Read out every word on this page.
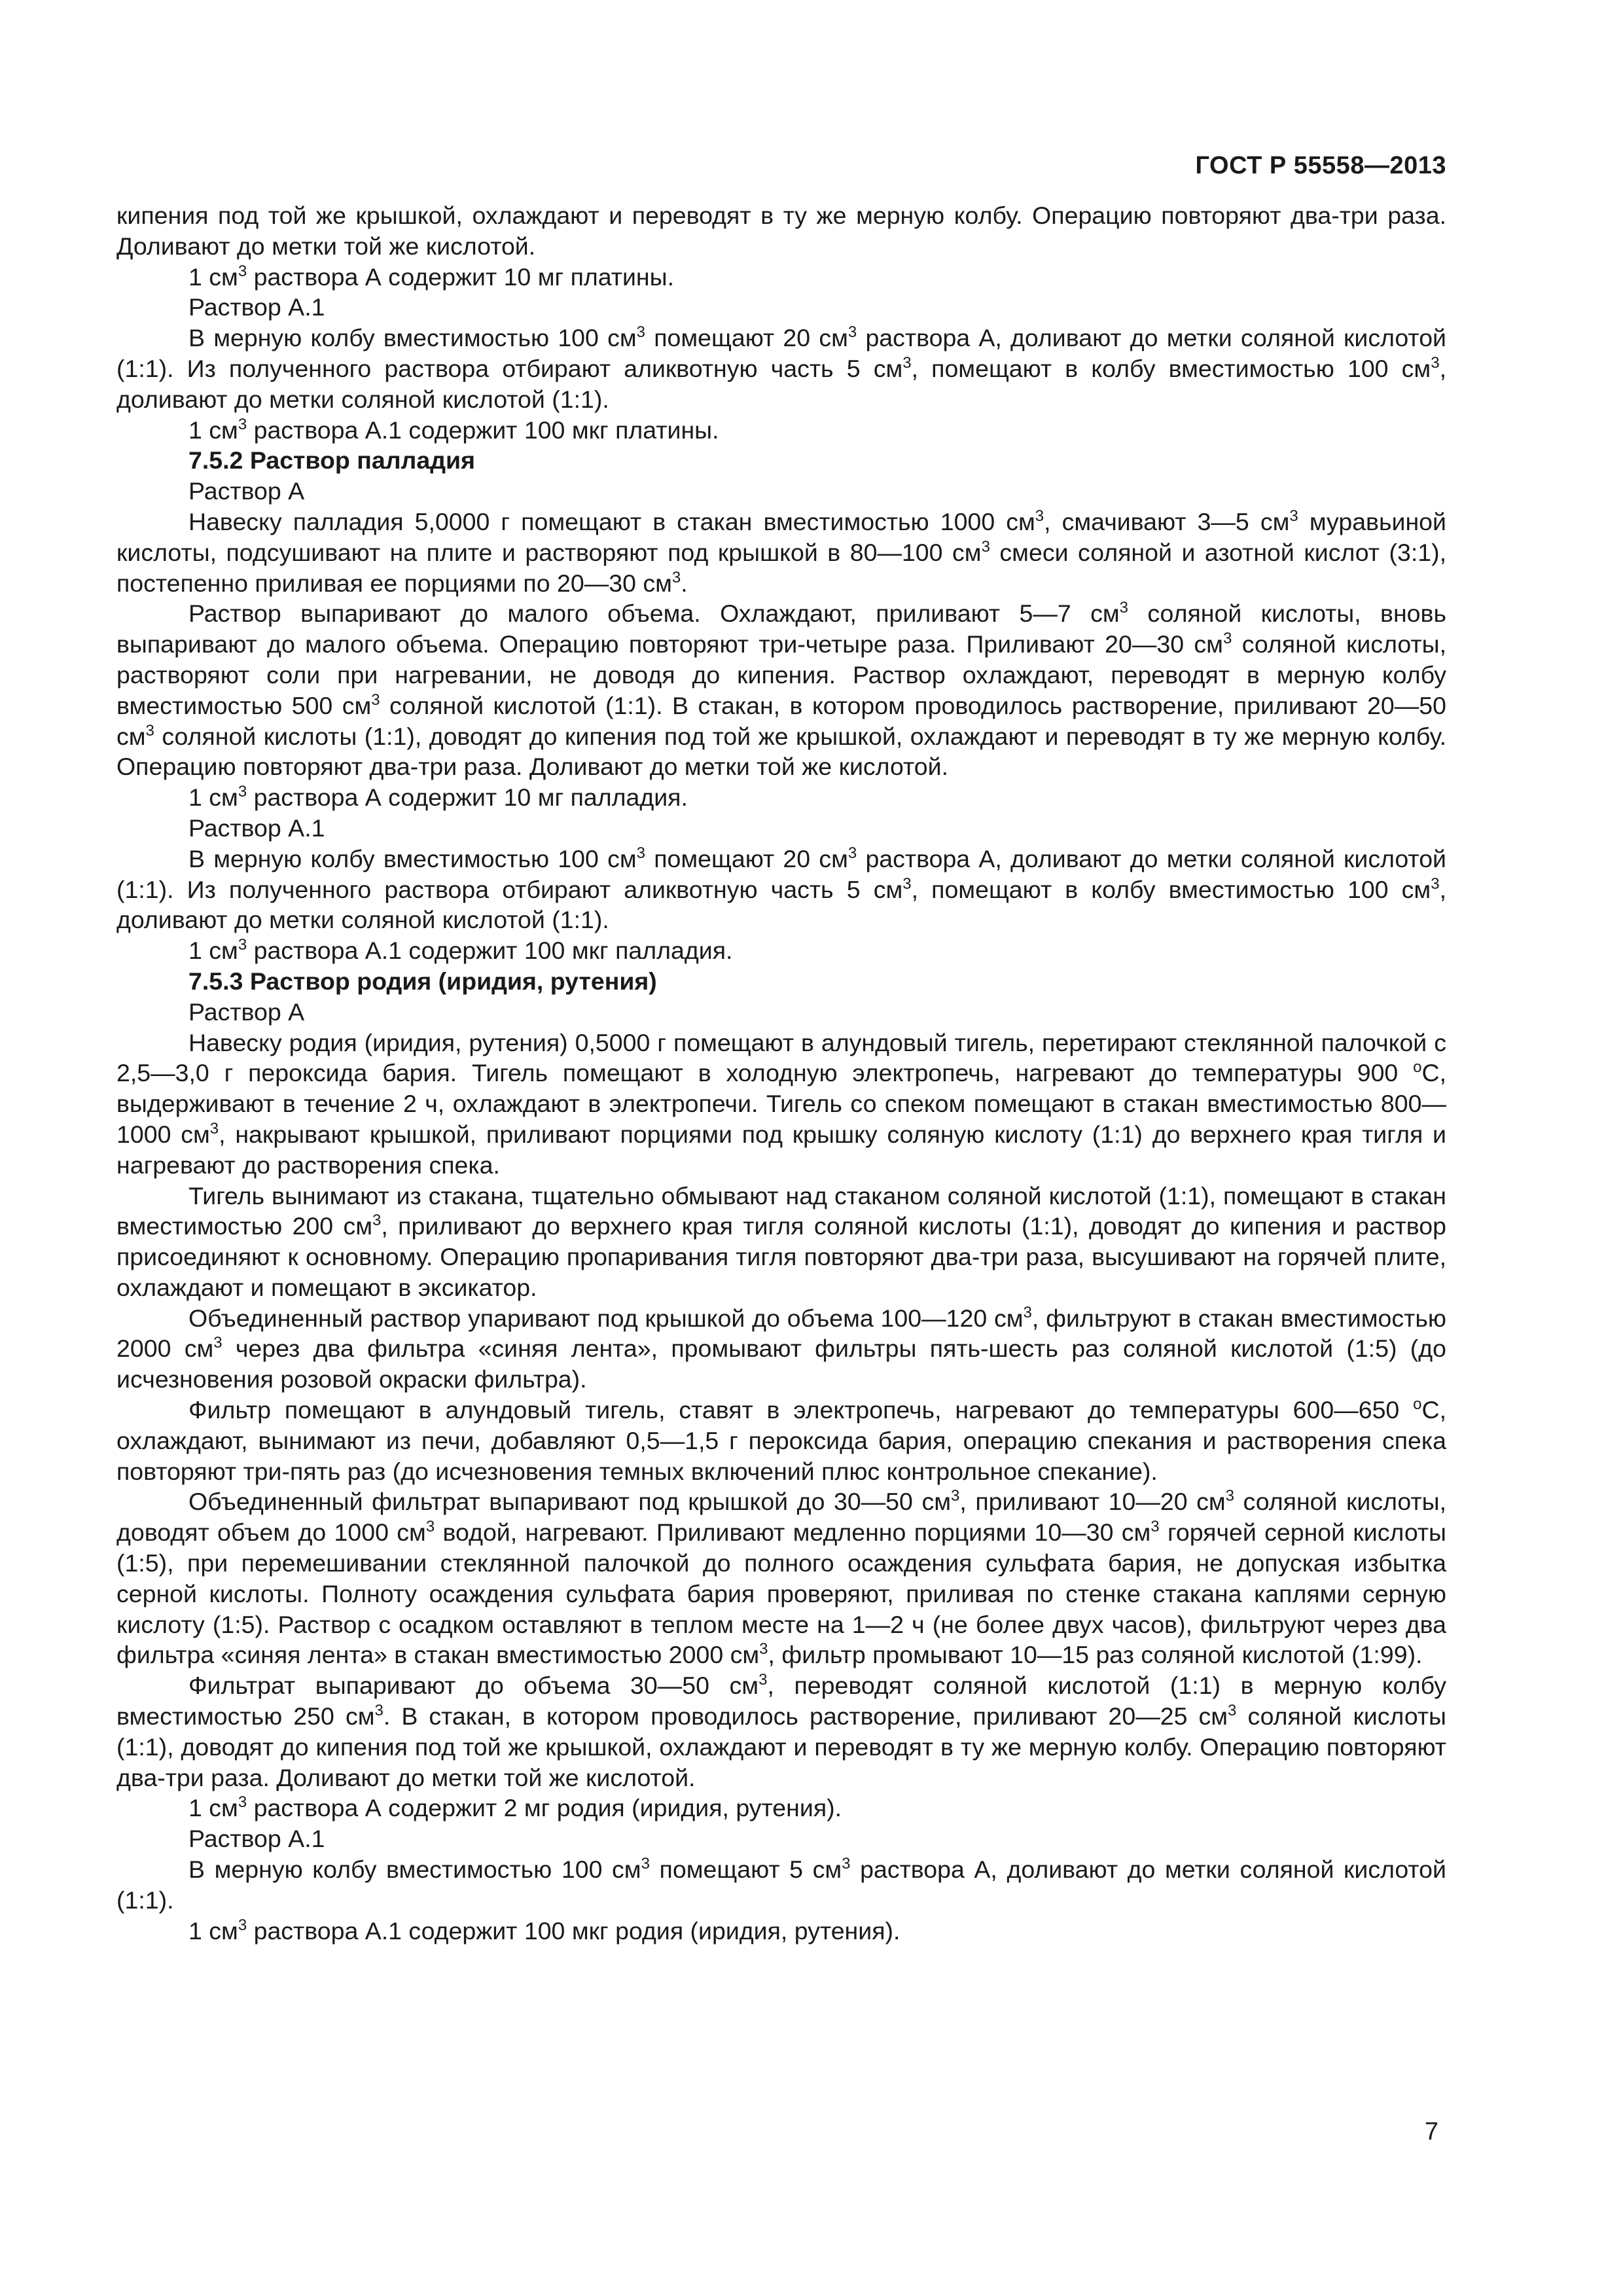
ГОСТ Р 55558—2013

кипения под той же крышкой, охлаждают и переводят в ту же мерную колбу. Операцию повторяют два-три раза. Доливают до метки той же кислотой.

1 $см^3$ раствора А содержит 10 мг платины.

Раствор А.1

В мерную колбу вместимостью 100 $см^3$ помещают 20 $см^3$ раствора А, доливают до метки соляной кислотой (1:1). Из полученного раствора отбирают аликвотную часть 5 $см^3$, помещают в колбу вместимостью 100 $см^3$, доливают до метки соляной кислотой (1:1).

1 $см^3$ раствора А.1 содержит 100 мкг платины.

7.5.2 Раствор палладия

Раствор А

Навеску палладия 5,0000 г помещают в стакан вместимостью 1000 $см^3$, смачивают 3—5 $см^3$ муравьиной кислоты, подсушивают на плите и растворяют под крышкой в 80—100 $см^3$ смеси соляной и азотной кислот (3:1), постепенно приливая ее порциями по 20—30 $см^3$.

Раствор выпаривают до малого объема. Охлаждают, приливают 5—7 $см^3$ соляной кислоты, вновь выпаривают до малого объема. Операцию повторяют три-четыре раза. Приливают 20—30 $см^3$ соляной кислоты, растворяют соли при нагревании, не доводя до кипения. Раствор охлаждают, переводят в мерную колбу вместимостью 500 $см^3$ соляной кислотой (1:1). В стакан, в котором проводилось растворение, приливают 20—50 $см^3$ соляной кислоты (1:1), доводят до кипения под той же крышкой, охлаждают и переводят в ту же мерную колбу. Операцию повторяют два-три раза. Доливают до метки той же кислотой.

1 $см^3$ раствора А содержит 10 мг палладия.

Раствор А.1

В мерную колбу вместимостью 100 $см^3$ помещают 20 $см^3$ раствора А, доливают до метки соляной кислотой (1:1). Из полученного раствора отбирают аликвотную часть 5 $см^3$, помещают в колбу вместимостью 100 $см^3$, доливают до метки соляной кислотой (1:1).

1 $см^3$ раствора А.1 содержит 100 мкг палладия.

7.5.3 Раствор родия (иридия, рутения)

Раствор А

Навеску родия (иридия, рутения) 0,5000 г помещают в алундовый тигель, перетирают стеклянной палочкой с 2,5—3,0 г пероксида бария. Тигель помещают в холодную электропечь, нагревают до температуры 900 $^о$С, выдерживают в течение 2 ч, охлаждают в электропечи. Тигель со спеком помещают в стакан вместимостью 800—1000 $см^3$, накрывают крышкой, приливают порциями под крышку соляную кислоту (1:1) до верхнего края тигля и нагревают до растворения спека.

Тигель вынимают из стакана, тщательно обмывают над стаканом соляной кислотой (1:1), помещают в стакан вместимостью 200 $см^3$, приливают до верхнего края тигля соляной кислоты (1:1), доводят до кипения и раствор присоединяют к основному. Операцию пропаривания тигля повторяют два-три раза, высушивают на горячей плите, охлаждают и помещают в эксикатор.

Объединенный раствор упаривают под крышкой до объема 100—120 $см^3$, фильтруют в стакан вместимостью 2000 $см^3$ через два фильтра «синяя лента», промывают фильтры пять-шесть раз соляной кислотой (1:5) (до исчезновения розовой окраски фильтра).

Фильтр помещают в алундовый тигель, ставят в электропечь, нагревают до температуры 600—650 $^о$С, охлаждают, вынимают из печи, добавляют 0,5—1,5 г пероксида бария, операцию спекания и растворения спека повторяют три-пять раз (до исчезновения темных включений плюс контрольное спекание).

Объединенный фильтрат выпаривают под крышкой до 30—50 $см^3$, приливают 10—20 $см^3$ соляной кислоты, доводят объем до 1000 $см^3$ водой, нагревают. Приливают медленно порциями 10—30 $см^3$ горячей серной кислоты (1:5), при перемешивании стеклянной палочкой до полного осаждения сульфата бария, не допуская избытка серной кислоты. Полноту осаждения сульфата бария проверяют, приливая по стенке стакана каплями серную кислоту (1:5). Раствор с осадком оставляют в теплом месте на 1—2 ч (не более двух часов), фильтруют через два фильтра «синяя лента» в стакан вместимостью 2000 $см^3$, фильтр промывают 10—15 раз соляной кислотой (1:99).

Фильтрат выпаривают до объема 30—50 $см^3$, переводят соляной кислотой (1:1) в мерную колбу вместимостью 250 $см^3$. В стакан, в котором проводилось растворение, приливают 20—25 $см^3$ соляной кислоты (1:1), доводят до кипения под той же крышкой, охлаждают и переводят в ту же мерную колбу. Операцию повторяют два-три раза. Доливают до метки той же кислотой.

1 $см^3$ раствора А содержит 2 мг родия (иридия, рутения).

Раствор А.1

В мерную колбу вместимостью 100 $см^3$ помещают 5 $см^3$ раствора А, доливают до метки соляной кислотой (1:1).

1 $см^3$ раствора А.1 содержит 100 мкг родия (иридия, рутения).

7
